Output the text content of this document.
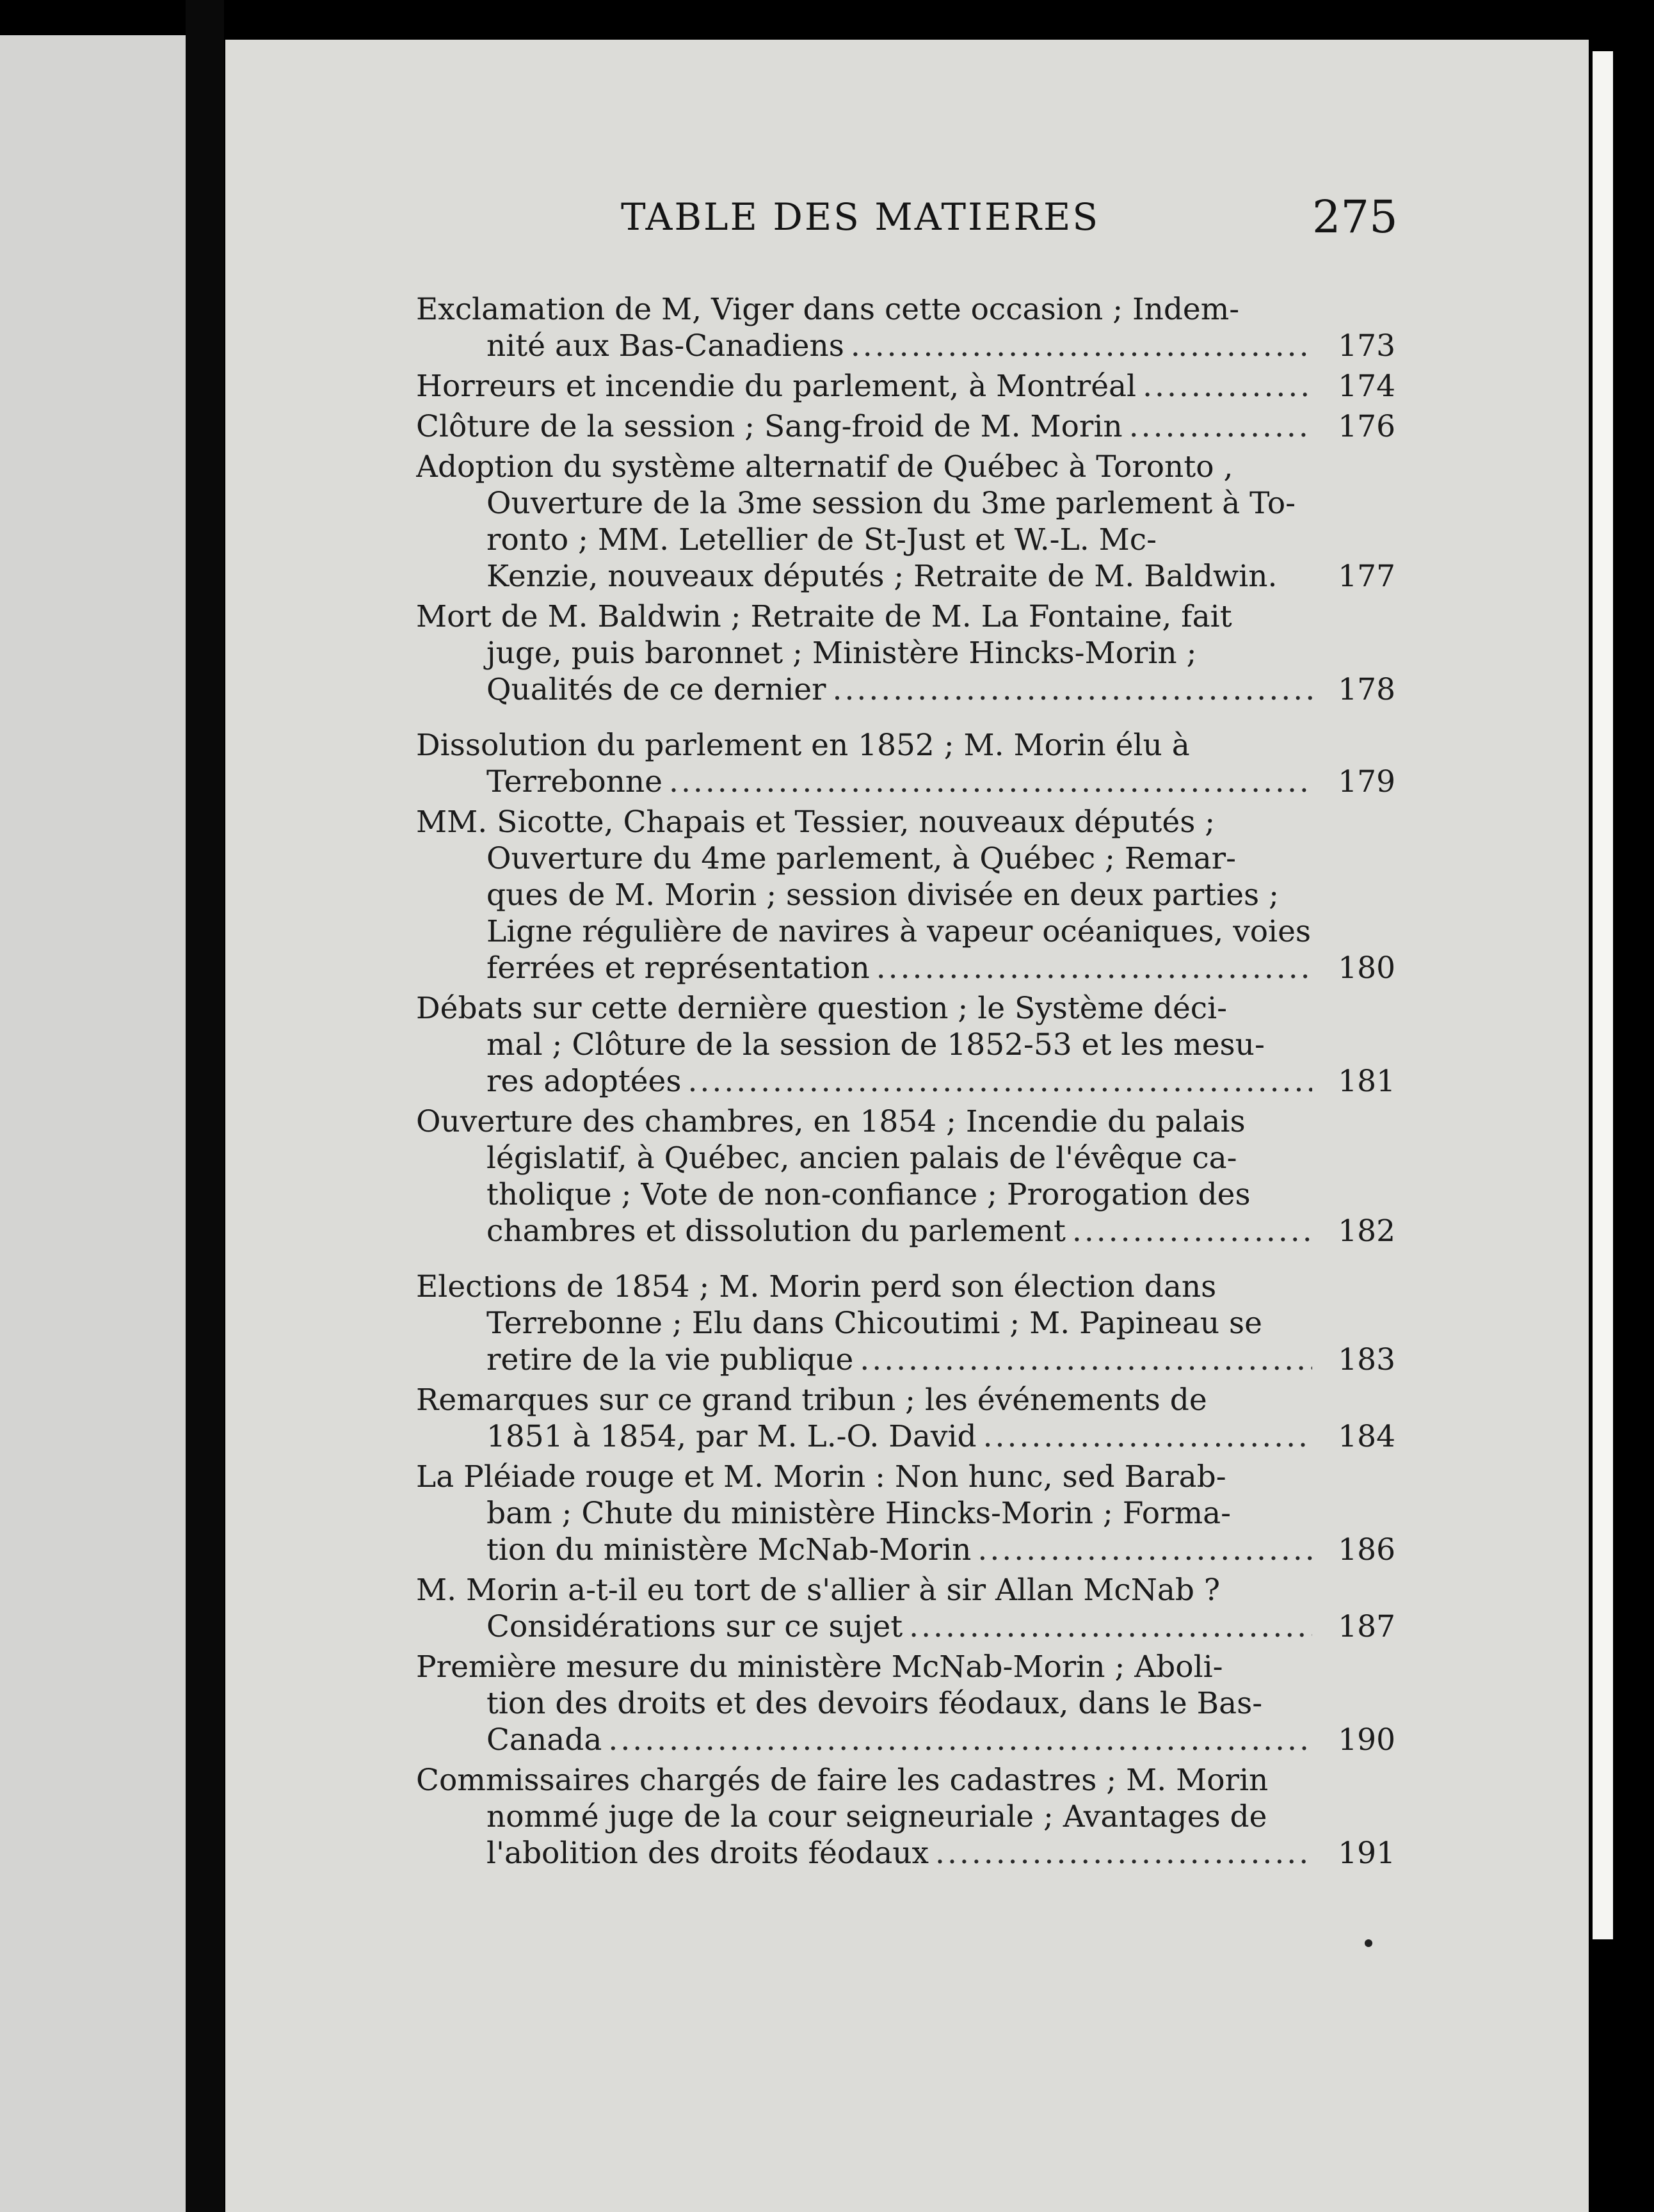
TABLE DES MATIERES	275
Exclamation de M, Viger dans cette occasion ; Indem-
nité aux Bas-Canadiens .....	173
Horreurs et incendie du parlement, à Montréal .....	174
Clôture de la session ; Sang-froid de M. Morin .....	176
Adoption du système alternatif de Québec à Toronto ,
Ouverture de la 3me session du 3me parlement à To-
ronto ; MM. Letellier de St-Just et W.-L. Mc-
Kenzie, nouveaux députés ; Retraite de M. Baldwin.	177
Mort de M. Baldwin ; Retraite de M. La Fontaine, fait
juge, puis baronnet ; Ministère Hincks-Morin ;
Qualités de ce dernier .....	178
Dissolution du parlement en 1852 ; M. Morin élu à
Terrebonne .....	179
MM. Sicotte, Chapais et Tessier, nouveaux députés ;
Ouverture du 4me parlement, à Québec ; Remar-
ques de M. Morin ; session divisée en deux parties ;
Ligne régulière de navires à vapeur océaniques, voies
ferrées et représentation .....	180
Débats sur cette dernière question ; le Système déci-
mal ; Clôture de la session de 1852-53 et les mesu-
res adoptées .....	181
Ouverture des chambres, en 1854 ; Incendie du palais
législatif, à Québec, ancien palais de l'évêque ca-
tholique ; Vote de non-confiance ; Prorogation des
chambres et dissolution du parlement .....	182
Elections de 1854 ; M. Morin perd son élection dans
Terrebonne ; Elu dans Chicoutimi ; M. Papineau se
retire de la vie publique .....	183
Remarques sur ce grand tribun ; les événements de
1851 à 1854, par M. L.-O. David .....	184
La Pléiade rouge et M. Morin : Non hunc, sed Barab-
bam ; Chute du ministère Hincks-Morin ; Forma-
tion du ministère McNab-Morin .....	186
M. Morin a-t-il eu tort de s'allier à sir Allan McNab ?
Considérations sur ce sujet .....	187
Première mesure du ministère McNab-Morin ; Aboli-
tion des droits et des devoirs féodaux, dans le Bas-
Canada .....	190
Commissaires chargés de faire les cadastres ; M. Morin
nommé juge de la cour seigneuriale ; Avantages de
l'abolition des droits féodaux .....	191
